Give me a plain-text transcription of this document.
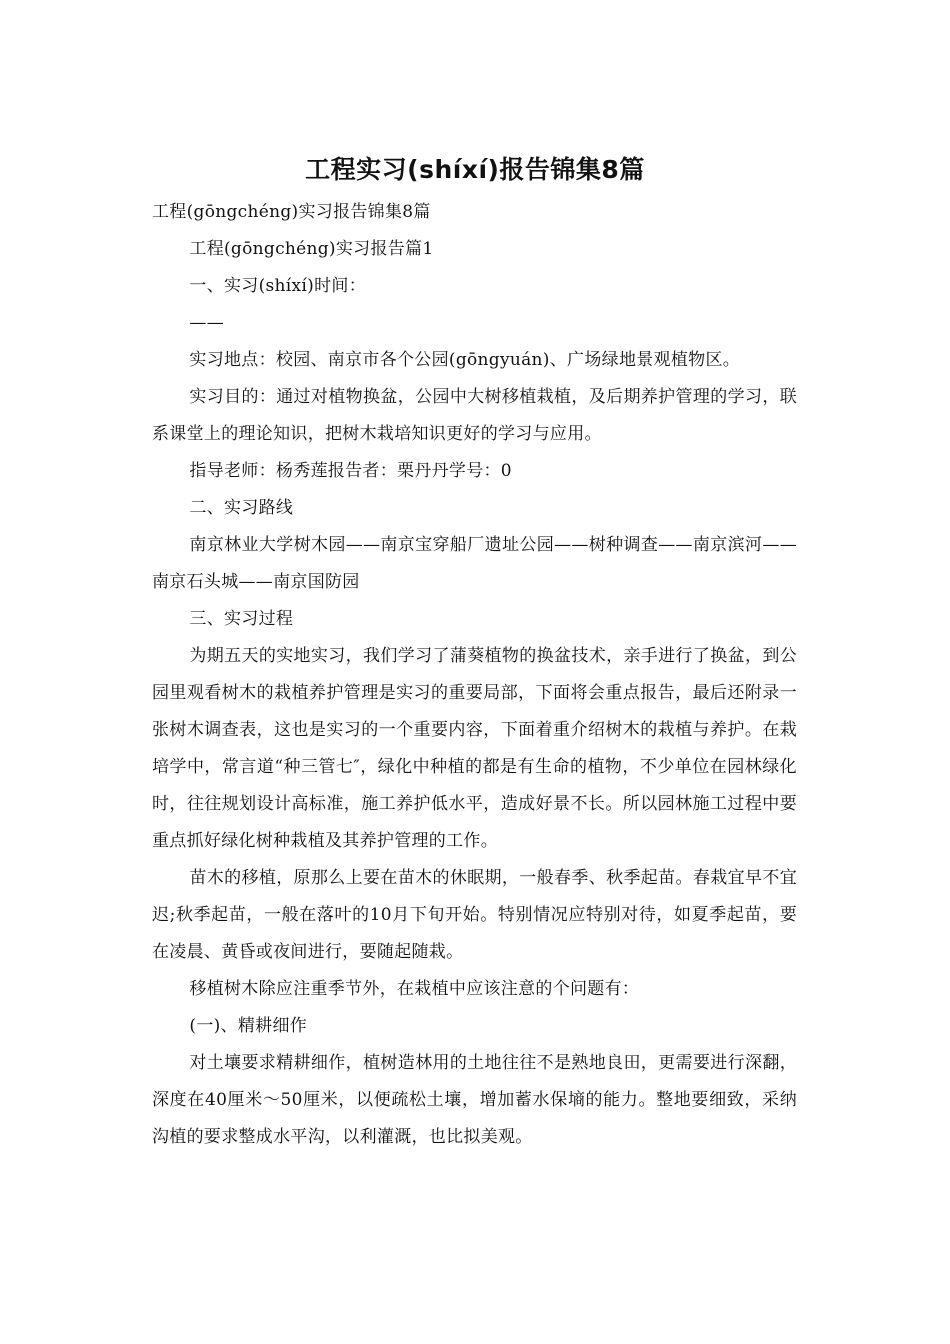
工程实习(shíxí)报告锦集8篇

工程(gōngchéng)实习报告锦集8篇

工程(gōngchéng)实习报告篇1

一、实习(shíxí)时间：

——

实习地点：校园、南京市各个公园(gōngyuán)、广场绿地景观植物区。

实习目的：通过对植物换盆，公园中大树移植栽植，及后期养护管理的学习，联系课堂上的理论知识，把树木栽培知识更好的学习与应用。

指导老师：杨秀莲报告者：栗丹丹学号：0

二、实习路线

南京林业大学树木园——南京宝穿船厂遗址公园——树种调查——南京滨河——南京石头城——南京国防园

三、实习过程

为期五天的实地实习，我们学习了蒲葵植物的换盆技术，亲手进行了换盆，到公园里观看树木的栽植养护管理是实习的重要局部，下面将会重点报告，最后还附录一张树木调查表，这也是实习的一个重要内容，下面着重介绍树木的栽植与养护。在栽培学中，常言道“种三管七″，绿化中种植的都是有生命的植物，不少单位在园林绿化时，往往规划设计高标准，施工养护低水平，造成好景不长。所以园林施工过程中要重点抓好绿化树种栽植及其养护管理的工作。

苗木的移植，原那么上要在苗木的休眠期，一般春季、秋季起苗。春栽宜早不宜迟;秋季起苗，一般在落叶的10月下旬开始。特别情况应特别对待，如夏季起苗，要在凌晨、黄昏或夜间进行，要随起随栽。

移植树木除应注重季节外，在栽植中应该注意的个问题有：

(一)、精耕细作

对土壤要求精耕细作，植树造林用的土地往往不是熟地良田，更需要进行深翻，深度在40厘米～50厘米，以便疏松土壤，增加蓄水保墒的能力。整地要细致，采纳沟植的要求整成水平沟，以利灌溉，也比拟美观。
